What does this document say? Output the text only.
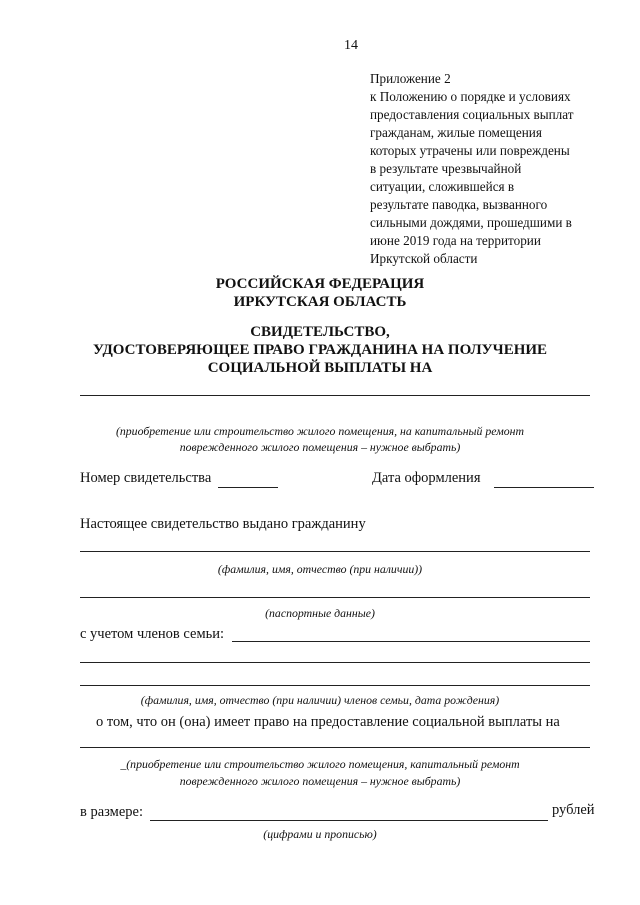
14
Приложение 2
к Положению о порядке и условиях
предоставления социальных выплат
гражданам, жилые помещения
которых утрачены или повреждены
в результате чрезвычайной
ситуации, сложившейся в
результате паводка, вызванного
сильными дождями, прошедшими в
июне 2019 года на территории
Иркутской области
РОССИЙСКАЯ ФЕДЕРАЦИЯ
ИРКУТСКАЯ ОБЛАСТЬ
СВИДЕТЕЛЬСТВО,
УДОСТОВЕРЯЮЩЕЕ ПРАВО ГРАЖДАНИНА НА ПОЛУЧЕНИЕ
СОЦИАЛЬНОЙ ВЫПЛАТЫ НА
(приобретение или строительство жилого помещения, на капитальный ремонт
поврежденного жилого помещения – нужное выбрать)
Номер свидетельства	Дата оформления
Настоящее свидетельство выдано гражданину
(фамилия, имя, отчество (при наличии))
(паспортные данные)
с учетом членов семьи:
(фамилия, имя, отчество (при наличии) членов семьи, дата рождения)
о том, что он (она) имеет право на предоставление социальной выплаты на
_(приобретение или строительство жилого помещения, капитальный ремонт
поврежденного жилого помещения – нужное выбрать)
в размере:	рублей
(цифрами и прописью)
